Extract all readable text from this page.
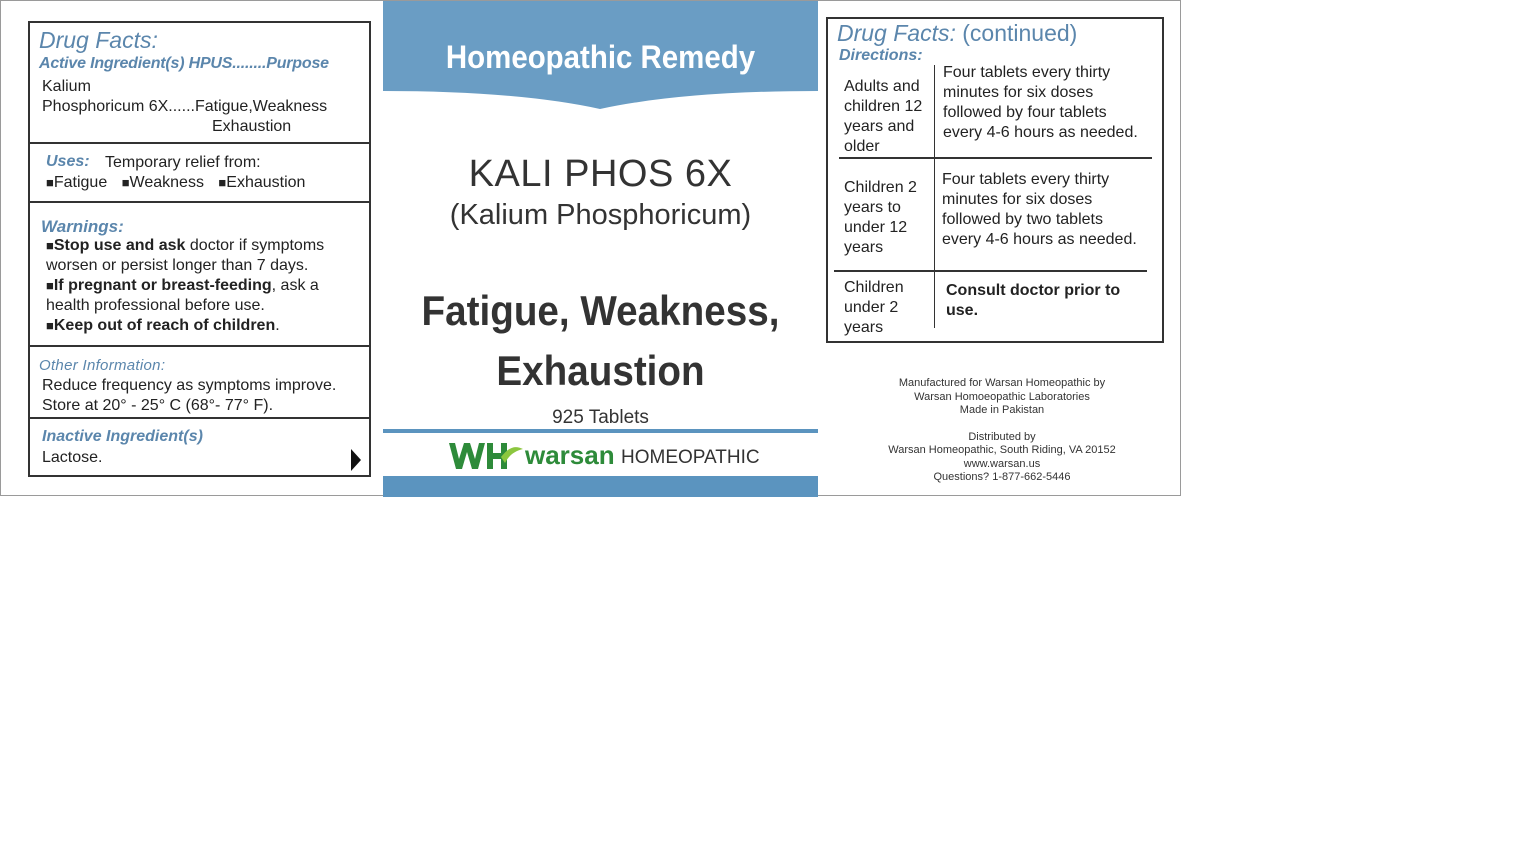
Drug Facts:
Active Ingredient(s) HPUS........Purpose
Kalium
Phosphoricum 6X......Fatigue,Weakness
Exhaustion
Uses: Temporary relief from:
■Fatigue ■Weakness ■Exhaustion
Warnings:
■Stop use and ask doctor if symptoms
worsen or persist longer than 7 days.
■If pregnant or breast-feeding, ask a
health professional before use.
■Keep out of reach of children.
Other Information:
Reduce frequency as symptoms improve.
Store at 20° - 25° C (68°- 77° F).
Inactive Ingredient(s)
Lactose.
Homeopathic Remedy
KALI PHOS 6X
(Kalium Phosphoricum)
Fatigue, Weakness,
Exhaustion
925 Tablets
warsan HOMEOPATHIC
Drug Facts: (continued)
Directions:
Adults and
children 12
years and
older
Four tablets every thirty
minutes for six doses
followed by four tablets
every 4-6 hours as needed.
Children 2
years to
under 12
years
Four tablets every thirty
minutes for six doses
followed by two tablets
every 4-6 hours as needed.
Children
under 2
years
Consult doctor prior to
use.
Manufactured for Warsan Homeopathic by
Warsan Homoeopathic Laboratories
Made in Pakistan
Distributed by
Warsan Homeopathic, South Riding, VA 20152
www.warsan.us
Questions? 1-877-662-5446
